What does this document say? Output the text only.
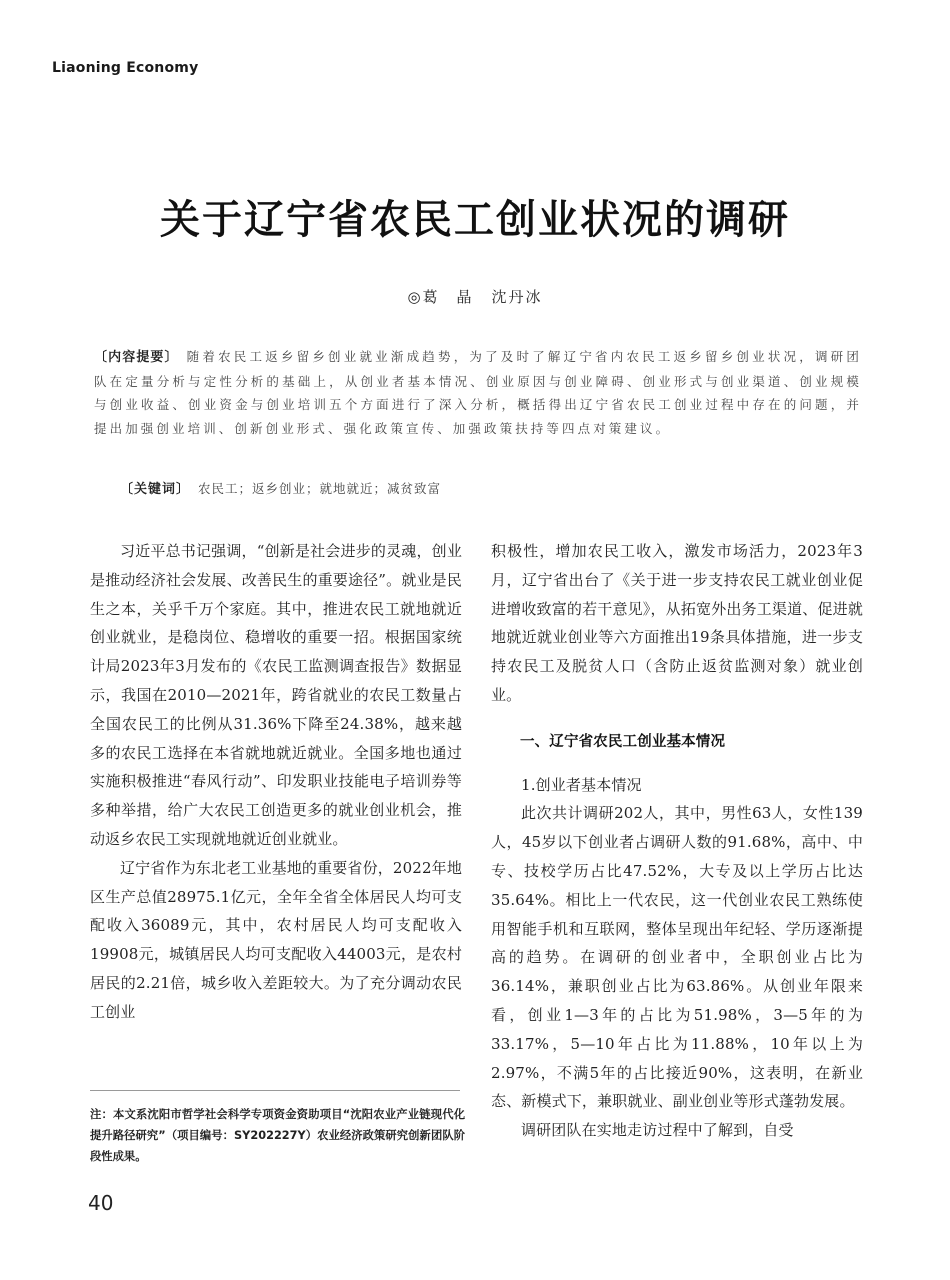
Liaoning Economy
关于辽宁省农民工创业状况的调研
◎葛　晶 沈丹冰
〔内容提要〕 随着农民工返乡留乡创业就业渐成趋势，为了及时了解辽宁省内农民工返乡留乡创业状况，调研团队在定量分析与定性分析的基础上，从创业者基本情况、创业原因与创业障碍、创业形式与创业渠道、创业规模与创业收益、创业资金与创业培训五个方面进行了深入分析，概括得出辽宁省农民工创业过程中存在的问题，并提出加强创业培训、创新创业形式、强化政策宣传、加强政策扶持等四点对策建议。
〔关键词〕 农民工；返乡创业；就地就近；减贫致富

习近平总书记强调，“创新是社会进步的灵魂，创业是推动经济社会发展、改善民生的重要途径”。就业是民生之本，关乎千万个家庭。其中，推进农民工就地就近创业就业，是稳岗位、稳增收的重要一招。根据国家统计局2023年3月发布的《农民工监测调查报告》数据显示，我国在2010—2021年，跨省就业的农民工数量占全国农民工的比例从31.36%下降至24.38%，越来越多的农民工选择在本省就地就近就业。全国多地也通过实施积极推进“春风行动”、印发职业技能电子培训券等多种举措，给广大农民工创造更多的就业创业机会，推动返乡农民工实现就地就近创业就业。

辽宁省作为东北老工业基地的重要省份，2022年地区生产总值28975.1亿元，全年全省全体居民人均可支配收入36089元，其中，农村居民人均可支配收入19908元，城镇居民人均可支配收入44003元，是农村居民的2.21倍，城乡收入差距较大。为了充分调动农民工创业

积极性，增加农民工收入，激发市场活力，2023年3月，辽宁省出台了《关于进一步支持农民工就业创业促进增收致富的若干意见》，从拓宽外出务工渠道、促进就地就近就业创业等六方面推出19条具体措施，进一步支持农民工及脱贫人口（含防止返贫监测对象）就业创业。

一、辽宁省农民工创业基本情况

1.创业者基本情况

此次共计调研202人，其中，男性63人，女性139人，45岁以下创业者占调研人数的91.68%，高中、中专、技校学历占比47.52%，大专及以上学历占比达35.64%。相比上一代农民，这一代创业农民工熟练使用智能手机和互联网，整体呈现出年纪轻、学历逐渐提高的趋势。在调研的创业者中，全职创业占比为36.14%，兼职创业占比为63.86%。从创业年限来看，创业1—3年的占比为51.98%，3—5年的为33.17%，5—10年占比为11.88%，10年以上为2.97%，不满5年的占比接近90%，这表明，在新业态、新模式下，兼职就业、副业创业等形式蓬勃发展。

调研团队在实地走访过程中了解到，自受

注：本文系沈阳市哲学社会科学专项资金资助项目“沈阳农业产业链现代化提升路径研究”（项目编号：SY202227Y）农业经济政策研究创新团队阶段性成果。
40
